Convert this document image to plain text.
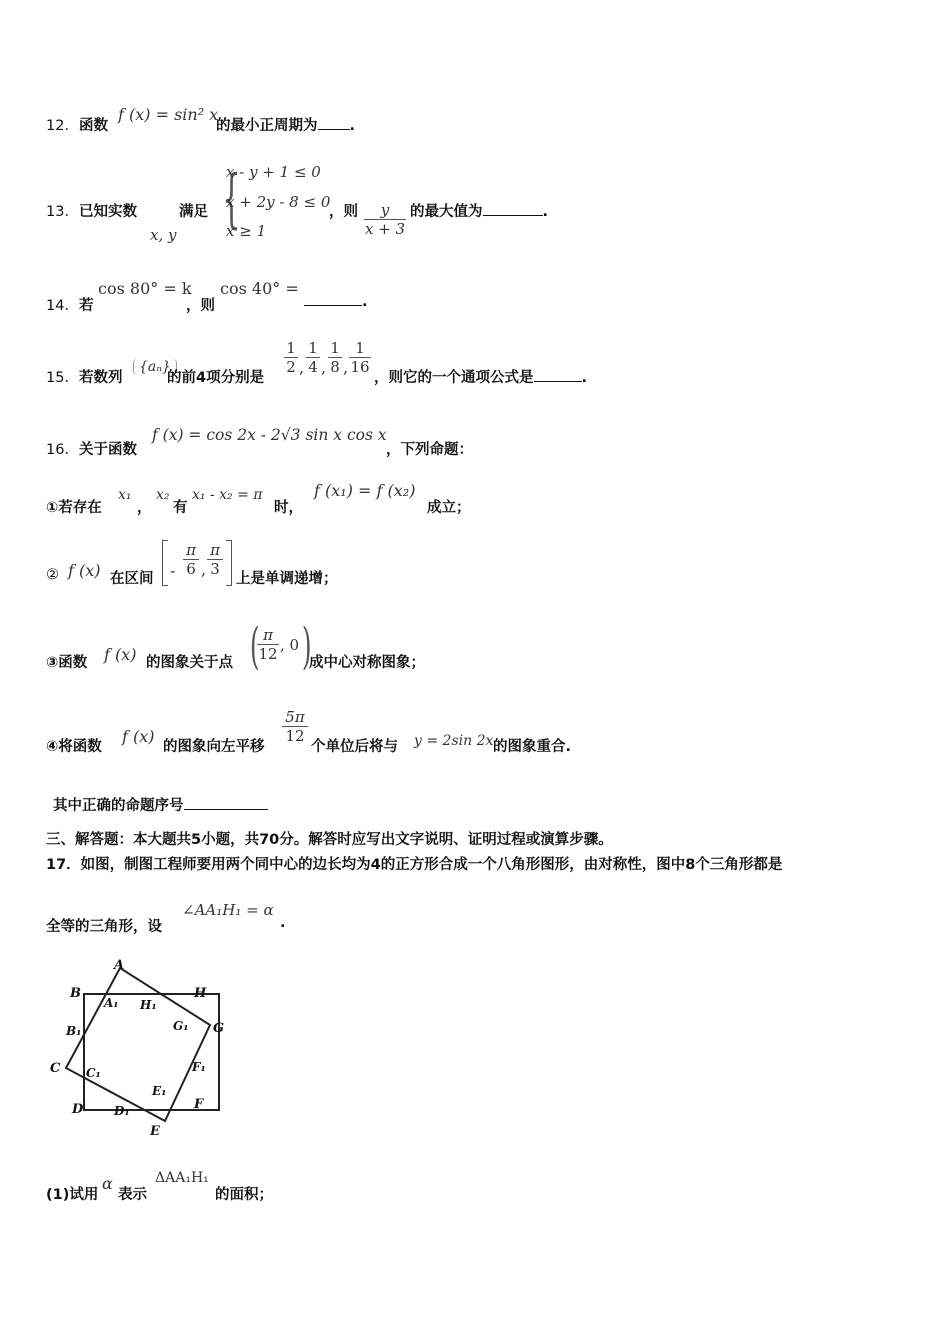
12．函数
f (x) = sin² x
的最小正周期为 .
13．已知实数
x, y
满足 {
x - y + 1 ≤ 0
x + 2y - 8 ≤ 0
x ≥ 1
，则	y
x + 3
的最大值为	.
14．若
cos 80° = k
，则
cos 40° =
.
15．若数列
{aₙ}
的前4项分别是
1
2 ,
1
4 ,
1
8 ,
1
16
，则它的一个通项公式是	.
16．关于函数
f (x) = cos 2x - 2√3 sin x cos x
，下列命题：
①若存在
x₁
，
x₂
有
x₁ - x₂ = π
时，
f (x₁) = f (x₂)
成立；
② f (x) 在区间 -
π
6 ,
π
3
上是单调递增；
③函数 f (x) 的图象关于点 ( π
12 , 0 )
成中心对称图象；
④将函数
f (x)
的图象向左平移
5π
12
个单位后将与 y = 2sin 2x 的图象重合.
其中正确的命题序号
三、解答题：本大题共5小题，共70分。解答时应写出文字说明、证明过程或演算步骤。
17．如图，制图工程师要用两个同中心的边长均为4的正方形合成一个八角形图形，由对称性，图中8个三角形都是
全等的三角形，设
∠AA₁H₁ = α
.
A
B
C
D
E
F
G
H
A₁
B₁
C₁
D₁
E₁
F₁
G₁
H₁
(1)试用
α
表示
ΔAA₁H₁
的面积；
